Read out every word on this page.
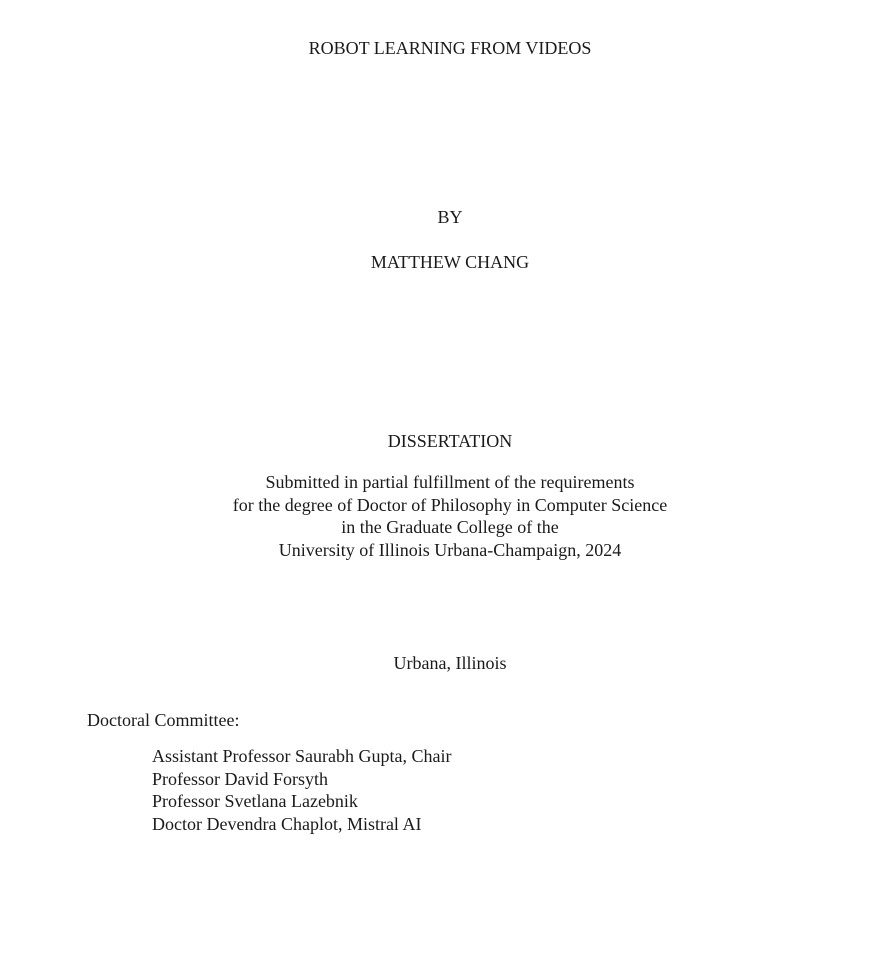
ROBOT LEARNING FROM VIDEOS
BY
MATTHEW CHANG
DISSERTATION
Submitted in partial fulfillment of the requirements
for the degree of Doctor of Philosophy in Computer Science
in the Graduate College of the
University of Illinois Urbana-Champaign, 2024
Urbana, Illinois
Doctoral Committee:
Assistant Professor Saurabh Gupta, Chair
Professor David Forsyth
Professor Svetlana Lazebnik
Doctor Devendra Chaplot, Mistral AI
